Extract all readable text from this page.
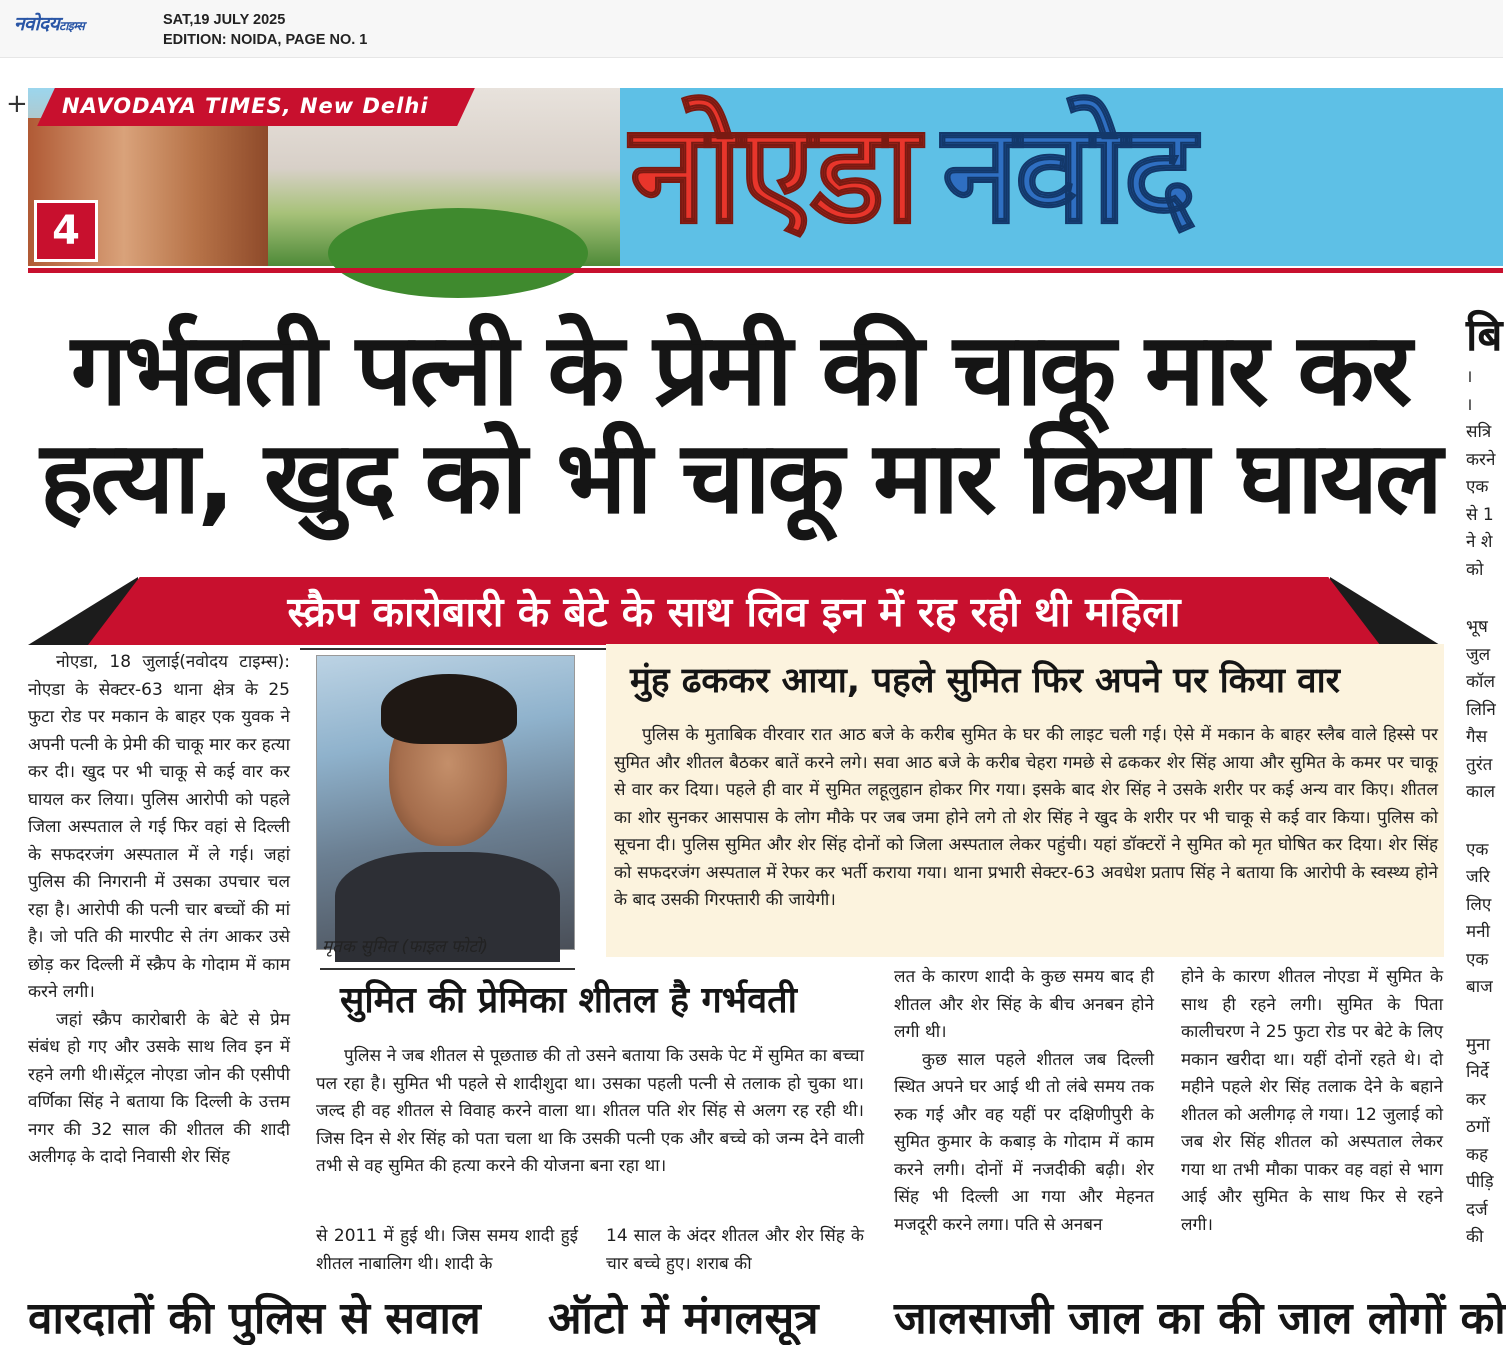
नवोदयटाइम्स	SAT,19 JULY 2025
EDITION: NOIDA, PAGE NO. 1
+ NAVODAYA TIMES, New Delhi
4	नोएडा नवोद
गर्भवती पत्नी के प्रेमी की चाकू मार कर
हत्या, खुद को भी चाकू मार किया घायल
बि
।
।
सत्रि
करने
एक
से 1
ने शे
को
भूष
जुल
कॉल
लिनि
गैस
तुरंत
काल
एक
जरि
लिए
मनी
एक
बाज
मुना
निर्दे
कर
ठगों
कह
पीड़ि
दर्ज
की
स्क्रैप कारोबारी के बेटे के साथ लिव इन में रह रही थी महिला

नोएडा, 18 जुलाई(नवोदय टाइम्स): नोएडा के सेक्टर-63 थाना क्षेत्र के 25 फुटा रोड पर मकान के बाहर एक युवक ने अपनी पत्नी के प्रेमी की चाकू मार कर हत्या कर दी। खुद पर भी चाकू से कई वार कर घायल कर लिया। पुलिस आरोपी को पहले जिला अस्पताल ले गई फिर वहां से दिल्ली के सफदरजंग अस्पताल में ले गई। जहां पुलिस की निगरानी में उसका उपचार चल रहा है। आरोपी की पत्नी चार बच्चों की मां है। जो पति की मारपीट से तंग आकर उसे छोड़ कर दिल्ली में स्क्रैप के गोदाम में काम करने लगी।

जहां स्क्रैप कारोबारी के बेटे से प्रेम संबंध हो गए और उसके साथ लिव इन में रहने लगी थी।सेंट्रल नोएडा जोन की एसीपी वर्णिका सिंह ने बताया कि दिल्ली के उत्तम नगर की 32 साल की शीतल की शादी अलीगढ़ के दादो निवासी शेर सिंह

मृतक सुमित (फाइल फोटो)
मुंह ढककर आया, पहले सुमित फिर अपने पर किया वार
पुलिस के मुताबिक वीरवार रात आठ बजे के करीब सुमित के घर की लाइट चली गई। ऐसे में मकान के बाहर स्लैब वाले हिस्से पर सुमित और शीतल बैठकर बातें करने लगे। सवा आठ बजे के करीब चेहरा गमछे से ढककर शेर सिंह आया और सुमित के कमर पर चाकू से वार कर दिया। पहले ही वार में सुमित लहूलुहान होकर गिर गया। इसके बाद शेर सिंह ने उसके शरीर पर कई अन्य वार किए। शीतल का शोर सुनकर आसपास के लोग मौके पर जब जमा होने लगे तो शेर सिंह ने खुद के शरीर पर भी चाकू से कई वार किया। पुलिस को सूचना दी। पुलिस सुमित और शेर सिंह दोनों को जिला अस्पताल लेकर पहुंची। यहां डॉक्टरों ने सुमित को मृत घोषित कर दिया। शेर सिंह को सफदरजंग अस्पताल में रेफर कर भर्ती कराया गया। थाना प्रभारी सेक्टर-63 अवधेश प्रताप सिंह ने बताया कि आरोपी के स्वस्थ्य होने के बाद उसकी गिरफ्तारी की जायेगी।
सुमित की प्रेमिका शीतल है गर्भवती

पुलिस ने जब शीतल से पूछताछ की तो उसने बताया कि उसके पेट में सुमित का बच्चा पल रहा है। सुमित भी पहले से शादीशुदा था। उसका पहली पत्नी से तलाक हो चुका था। जल्द ही वह शीतल से विवाह करने वाला था। शीतल पति शेर सिंह से अलग रह रही थी। जिस दिन से शेर सिंह को पता चला था कि उसकी पत्नी एक और बच्चे को जन्म देने वाली तभी से वह सुमित की हत्या करने की योजना बना रहा था।

से 2011 में हुई थी। जिस समय शादी हुई शीतल नाबालिग थी। शादी के

14 साल के अंदर शीतल और शेर सिंह के चार बच्चे हुए। शराब की

लत के कारण शादी के कुछ समय बाद ही शीतल और शेर सिंह के बीच अनबन होने लगी थी।

कुछ साल पहले शीतल जब दिल्ली स्थित अपने घर आई थी तो लंबे समय तक रुक गई और वह यहीं पर दक्षिणीपुरी के सुमित कुमार के कबाड़ के गोदाम में काम करने लगी। दोनों में नजदीकी बढ़ी। शेर सिंह भी दिल्ली आ गया और मेहनत मजदूरी करने लगा। पति से अनबन

होने के कारण शीतल नोएडा में सुमित के साथ ही रहने लगी। सुमित के पिता कालीचरण ने 25 फुटा रोड पर बेटे के लिए मकान खरीदा था। यहीं दोनों रहते थे। दो महीने पहले शेर सिंह तलाक देने के बहाने शीतल को अलीगढ़ ले गया। 12 जुलाई को जब शेर सिंह शीतल को अस्पताल लेकर गया था तभी मौका पाकर वह वहां से भाग आई और सुमित के साथ फिर से रहने लगी।

वारदातों की पुलिस से सवाल ऑटो में मंगलसूत्र जालसाजी जाल का की जाल लोगों को
